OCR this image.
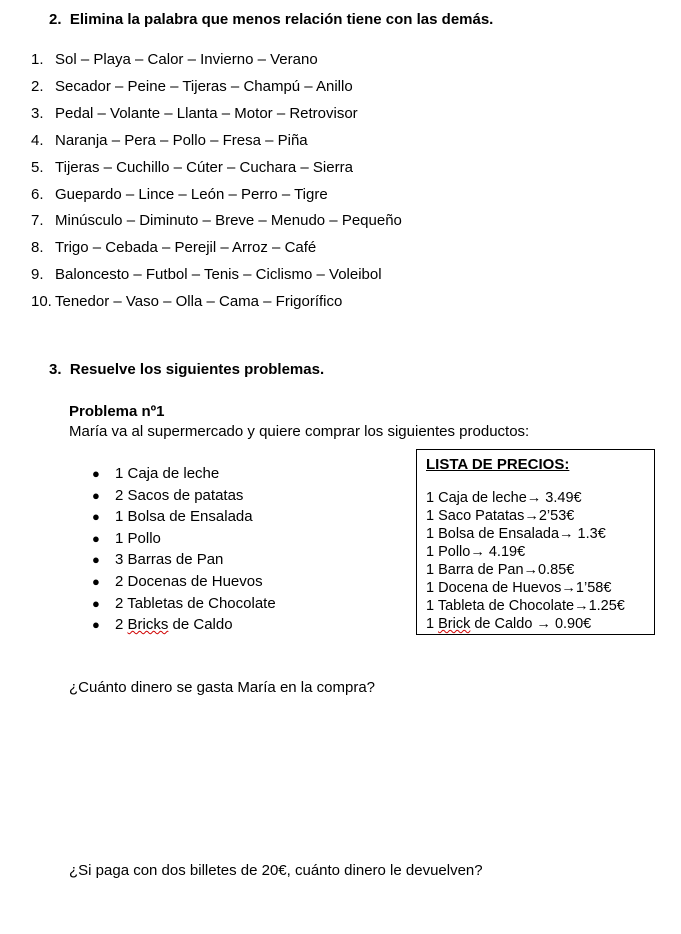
2. Elimina la palabra que menos relación tiene con las demás.
1. Sol – Playa – Calor – Invierno – Verano
2. Secador – Peine – Tijeras – Champú – Anillo
3. Pedal – Volante – Llanta – Motor – Retrovisor
4. Naranja – Pera – Pollo – Fresa – Piña
5. Tijeras – Cuchillo – Cúter – Cuchara – Sierra
6. Guepardo – Lince – León – Perro – Tigre
7. Minúsculo – Diminuto – Breve – Menudo – Pequeño
8. Trigo – Cebada – Perejil – Arroz – Café
9. Baloncesto – Futbol – Tenis – Ciclismo – Voleibol
10. Tenedor – Vaso – Olla – Cama – Frigorífico
3. Resuelve los siguientes problemas.
Problema nº1
María va al supermercado y quiere comprar los siguientes productos:
● 1 Caja de leche
● 2 Sacos de patatas
● 1 Bolsa de Ensalada
● 1 Pollo
● 3 Barras de Pan
● 2 Docenas de Huevos
● 2 Tabletas de Chocolate
● 2 Bricks de Caldo
LISTA DE PRECIOS:
1 Caja de leche→ 3.49€
1 Saco Patatas→2’53€
1 Bolsa de Ensalada→ 1.3€
1 Pollo→ 4.19€
1 Barra de Pan→0.85€
1 Docena de Huevos→1’58€
1 Tableta de Chocolate→1.25€
1 Brick de Caldo → 0.90€
¿Cuánto dinero se gasta María en la compra?
¿Si paga con dos billetes de 20€, cuánto dinero le devuelven?
